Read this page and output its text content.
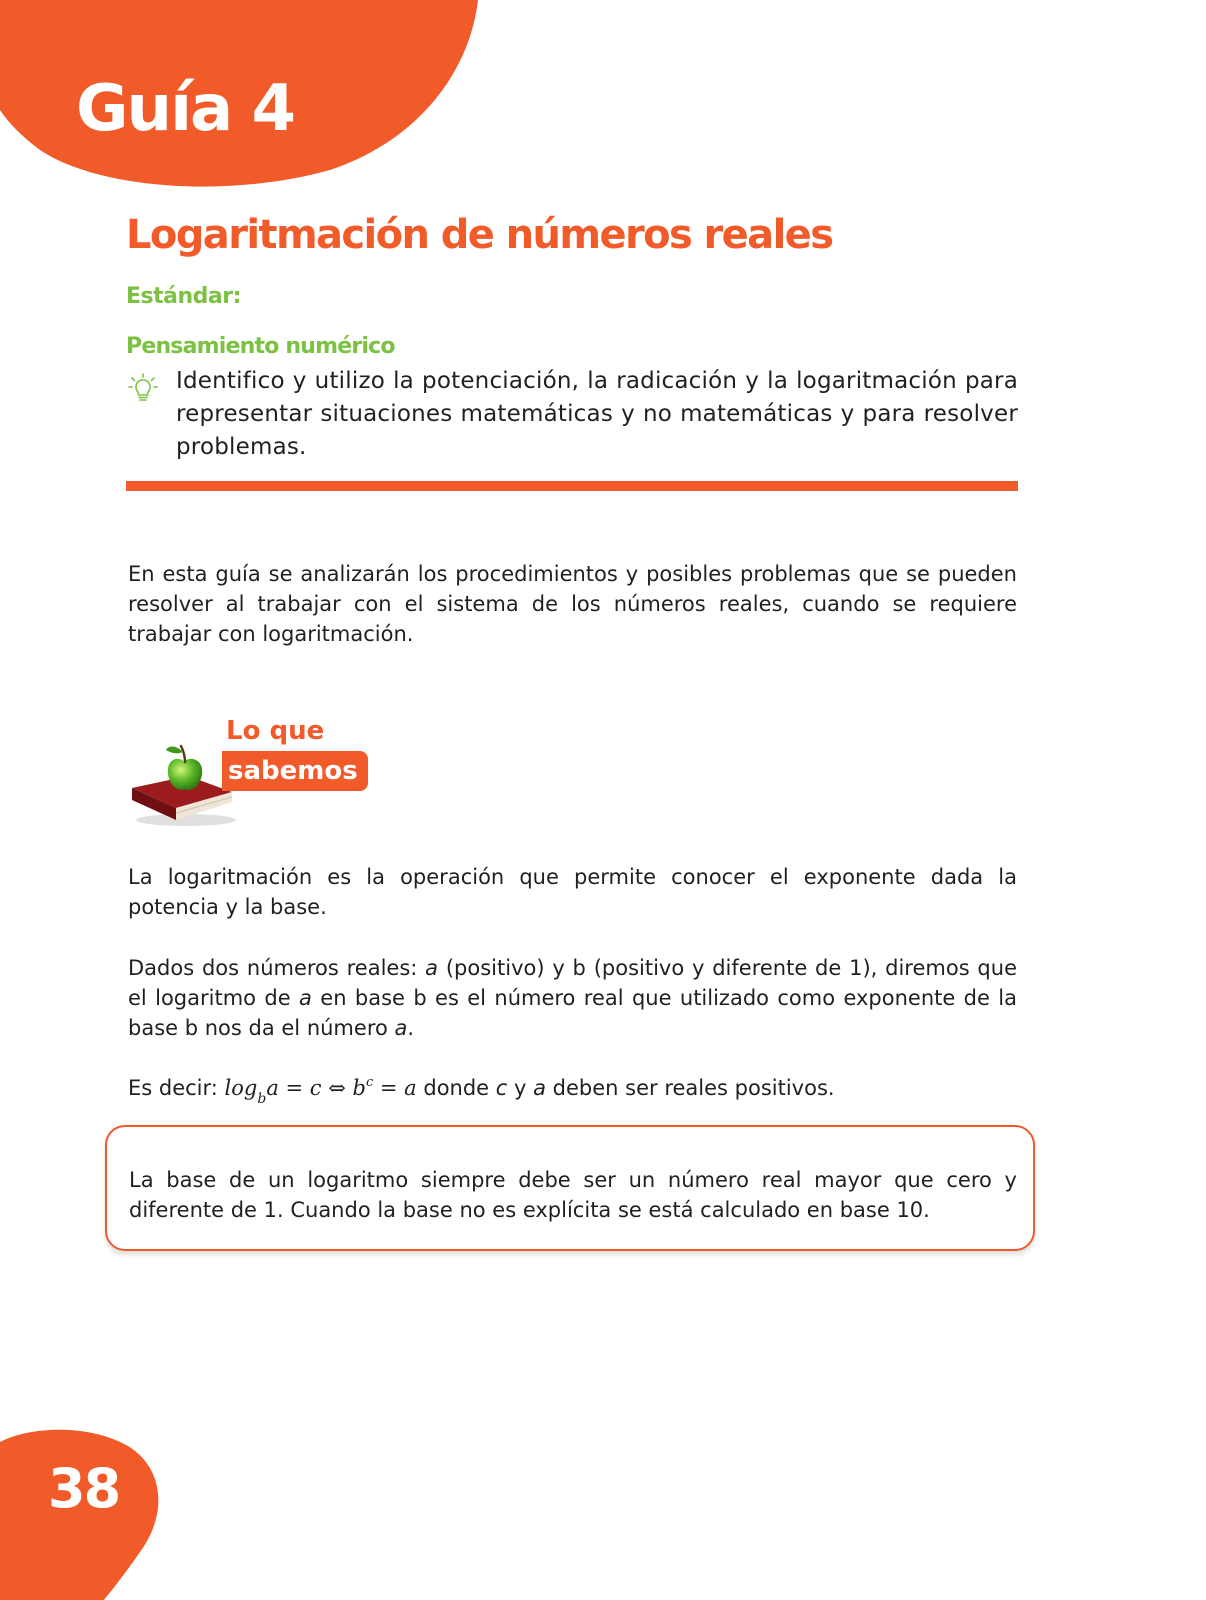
Guía 4
Logaritmación de números reales
Estándar:
Pensamiento numérico
Identifico y utilizo la potenciación, la radicación y la logaritmación para representar situaciones matemáticas y no matemáticas y para resolver problemas.
En esta guía se analizarán los procedimientos y posibles problemas que se pueden resolver al trabajar con el sistema de los números reales, cuando se requiere trabajar con logaritmación.
Lo que
sabemos
La logaritmación es la operación que permite conocer el exponente dada la potencia y la base.
Dados dos números reales: a (positivo) y b (positivo y diferente de 1), diremos que el logaritmo de a en base b es el número real que utilizado como exponente de la base b nos da el número a.
Es decir: $\log_ba = c$ ⇔ $b^c = a$ donde c y a deben ser reales positivos.
La base de un logaritmo siempre debe ser un número real mayor que cero y diferente de 1. Cuando la base no es explícita se está calculado en base 10.
38
